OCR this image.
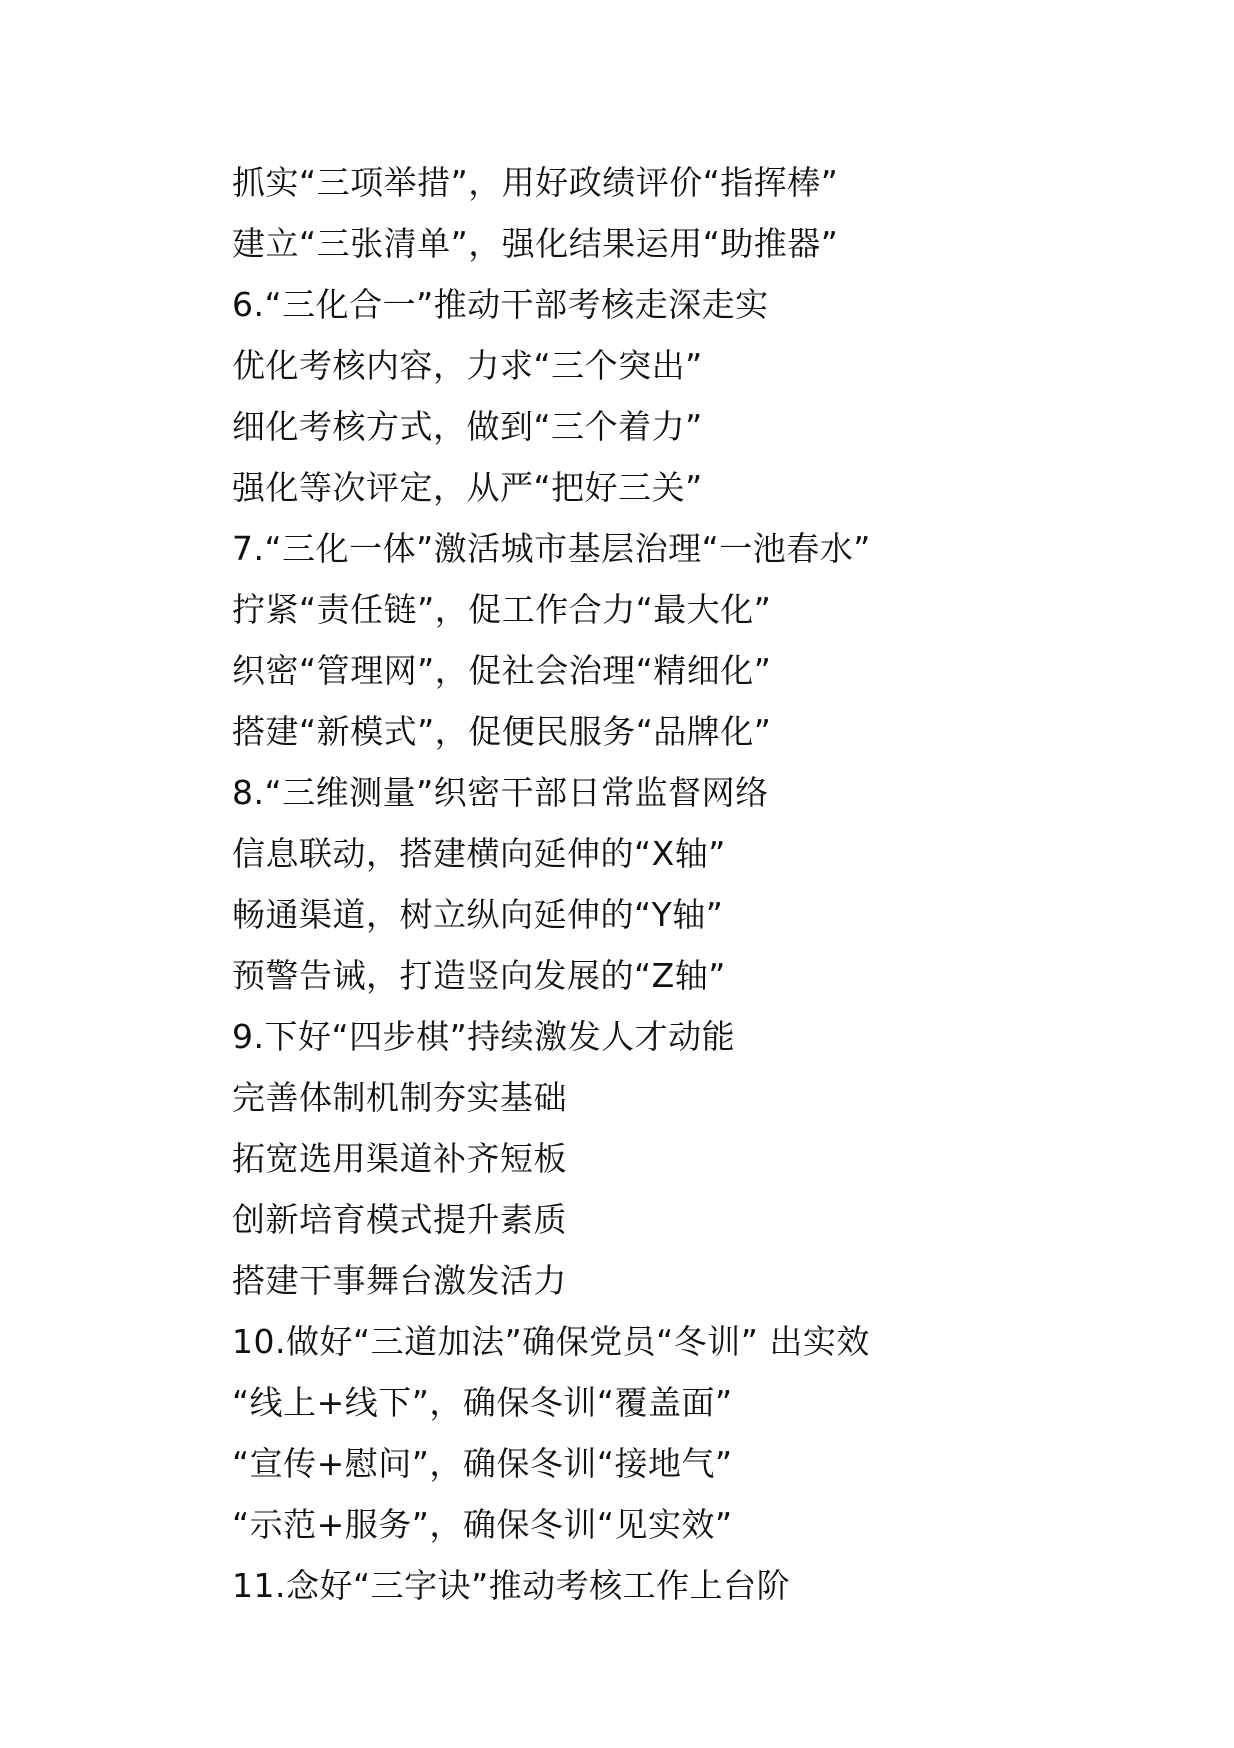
抓实“三项举措”，用好政绩评价“指挥棒”
建立“三张清单”，强化结果运用“助推器”
6.“三化合一”推动干部考核走深走实
优化考核内容，力求“三个突出”
细化考核方式，做到“三个着力”
强化等次评定，从严“把好三关”
7.“三化一体”激活城市基层治理“一池春水”
拧紧“责任链”，促工作合力“最大化”
织密“管理网”，促社会治理“精细化”
搭建“新模式”，促便民服务“品牌化”
8.“三维测量”织密干部日常监督网络
信息联动，搭建横向延伸的“X轴”
畅通渠道，树立纵向延伸的“Y轴”
预警告诫，打造竖向发展的“Z轴”
9.下好“四步棋”持续激发人才动能
完善体制机制夯实基础
拓宽选用渠道补齐短板
创新培育模式提升素质
搭建干事舞台激发活力
10.做好“三道加法”确保党员“冬训” 出实效
“线上+线下”，确保冬训“覆盖面”
“宣传+慰问”，确保冬训“接地气”
“示范+服务”，确保冬训“见实效”
11.念好“三字诀”推动考核工作上台阶
